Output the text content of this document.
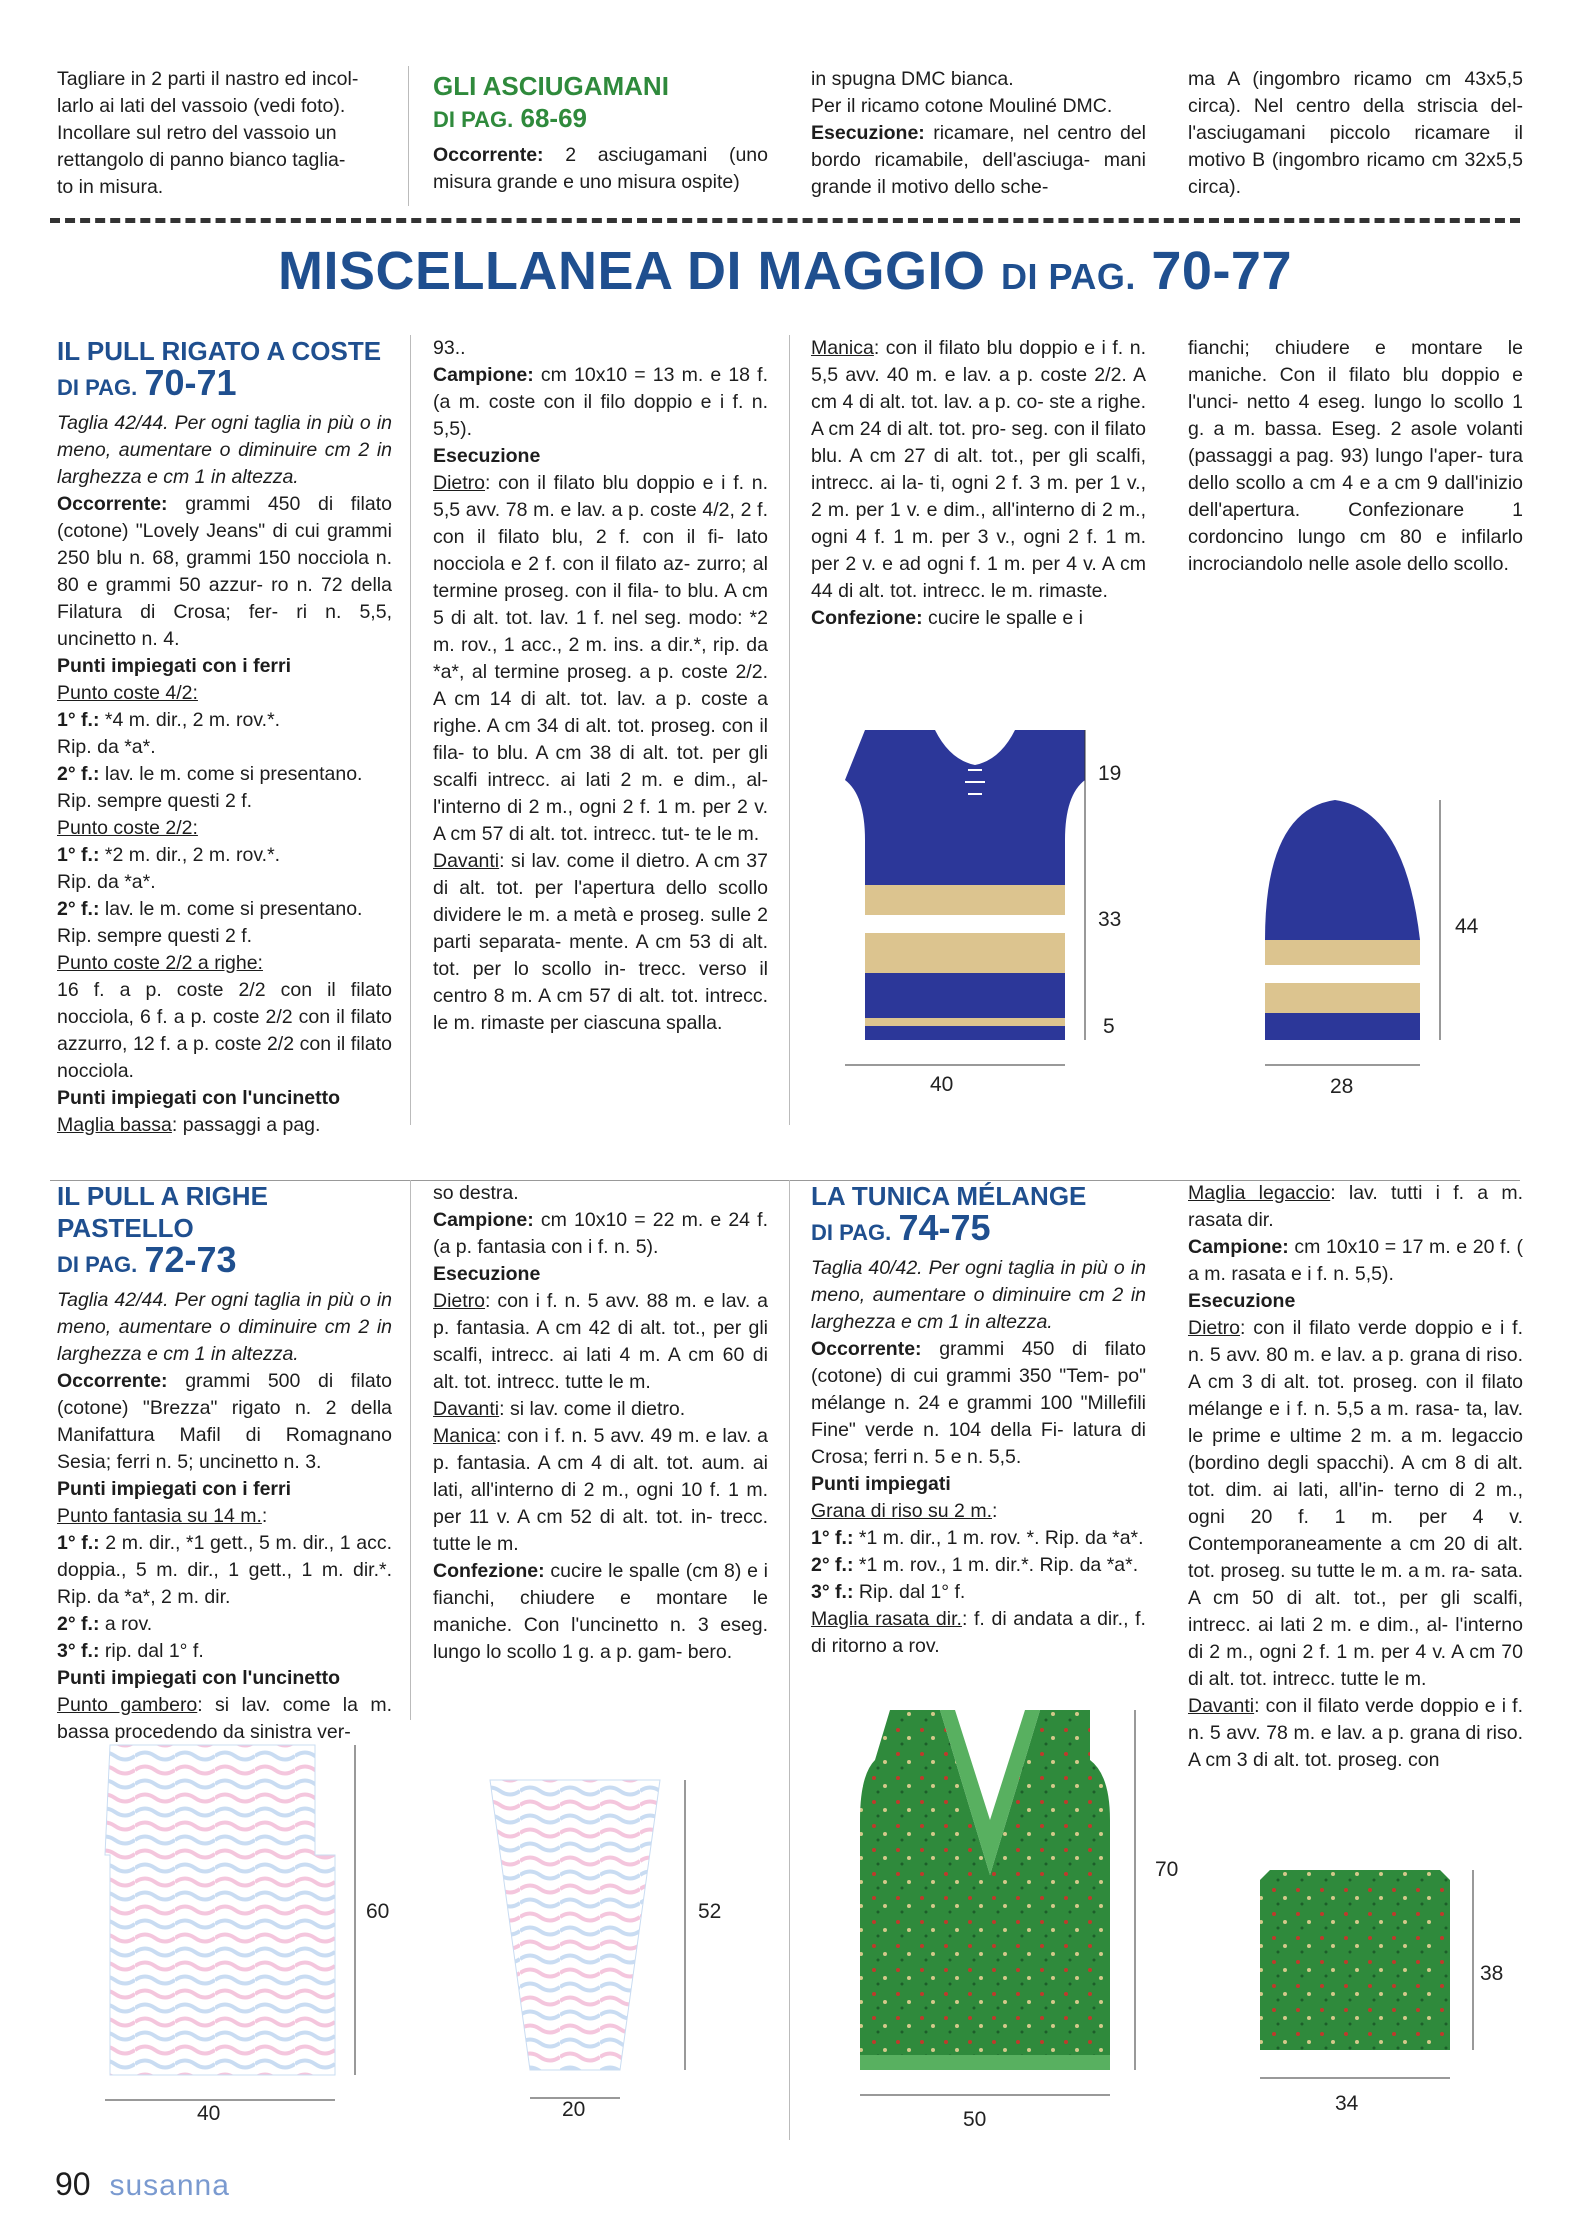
Tagliare in 2 parti il nastro ed incol-

larlo ai lati del vassoio (vedi foto).

Incollare sul retro del vassoio un

rettangolo di panno bianco taglia-

to in misura.

GLI ASCIUGAMANI
DI PAG. 68-69

Occorrente: 2 asciugamani (uno misura grande e uno misura ospite)

in spugna DMC bianca.

Per il ricamo cotone Mouliné DMC.

Esecuzione: ricamare, nel centro del bordo ricamabile, dell'asciuga- mani grande il motivo dello sche-

ma A (ingombro ricamo cm 43x5,5 circa). Nel centro della striscia del- l'asciugamani piccolo ricamare il motivo B (ingombro ricamo cm 32x5,5 circa).

MISCELLANEA DI MAGGIO DI PAG. 70-77
IL PULL RIGATO A COSTE
DI PAG. 70-71

Taglia 42/44. Per ogni taglia in più o in meno, aumentare o diminuire cm 2 in larghezza e cm 1 in altezza.

Occorrente: grammi 450 di filato (cotone) "Lovely Jeans" di cui grammi 250 blu n. 68, grammi 150 nocciola n. 80 e grammi 50 azzur- ro n. 72 della Filatura di Crosa; fer- ri n. 5,5, uncinetto n. 4.

Punti impiegati con i ferri

Punto coste 4/2:

1° f.: *4 m. dir., 2 m. rov.*.

Rip. da *a*.

2° f.: lav. le m. come si presentano.

Rip. sempre questi 2 f.

Punto coste 2/2:

1° f.: *2 m. dir., 2 m. rov.*.

Rip. da *a*.

2° f.: lav. le m. come si presentano.

Rip. sempre questi 2 f.

Punto coste 2/2 a righe:

16 f. a p. coste 2/2 con il filato nocciola, 6 f. a p. coste 2/2 con il filato azzurro, 12 f. a p. coste 2/2 con il filato nocciola.

Punti impiegati con l'uncinetto

Maglia bassa: passaggi a pag.

93..

Campione: cm 10x10 = 13 m. e 18 f. (a m. coste con il filo doppio e i f. n. 5,5).

Esecuzione

Dietro: con il filato blu doppio e i f. n. 5,5 avv. 78 m. e lav. a p. coste 4/2, 2 f. con il filato blu, 2 f. con il fi- lato nocciola e 2 f. con il filato az- zurro; al termine proseg. con il fila- to blu. A cm 5 di alt. tot. lav. 1 f. nel seg. modo: *2 m. rov., 1 acc., 2 m. ins. a dir.*, rip. da *a*, al termine proseg. a p. coste 2/2. A cm 14 di alt. tot. lav. a p. coste a righe. A cm 34 di alt. tot. proseg. con il fila- to blu. A cm 38 di alt. tot. per gli scalfi intrecc. ai lati 2 m. e dim., al- l'interno di 2 m., ogni 2 f. 1 m. per 2 v. A cm 57 di alt. tot. intrecc. tut- te le m.

Davanti: si lav. come il dietro. A cm 37 di alt. tot. per l'apertura dello scollo dividere le m. a metà e proseg. sulle 2 parti separata- mente. A cm 53 di alt. tot. per lo scollo in- trecc. verso il centro 8 m. A cm 57 di alt. tot. intrecc. le m. rimaste per ciascuna spalla.

Manica: con il filato blu doppio e i f. n. 5,5 avv. 40 m. e lav. a p. coste 2/2. A cm 4 di alt. tot. lav. a p. co- ste a righe. A cm 24 di alt. tot. pro- seg. con il filato blu. A cm 27 di alt. tot., per gli scalfi, intrecc. ai la- ti, ogni 2 f. 3 m. per 1 v., 2 m. per 1 v. e dim., all'interno di 2 m., ogni 4 f. 1 m. per 3 v., ogni 2 f. 1 m. per 2 v. e ad ogni f. 1 m. per 4 v. A cm 44 di alt. tot. intrecc. le m. rimaste.

Confezione: cucire le spalle e i

fianchi; chiudere e montare le maniche. Con il filato blu doppio e l'unci- netto 4 eseg. lungo lo scollo 1 g. a m. bassa. Eseg. 2 asole volanti (passaggi a pag. 93) lungo l'aper- tura dello scollo a cm 4 e a cm 9 dall'inizio dell'apertura. Confezionare 1 cordoncino lungo cm 80 e infilarlo incrociandolo nelle asole dello scollo.

19
33
5
40
44
28
IL PULL A RIGHE PASTELLO
DI PAG. 72-73

Taglia 42/44. Per ogni taglia in più o in meno, aumentare o diminuire cm 2 in larghezza e cm 1 in altezza.

Occorrente: grammi 500 di filato (cotone) "Brezza" rigato n. 2 della Manifattura Mafil di Romagnano Sesia; ferri n. 5; uncinetto n. 3.

Punti impiegati con i ferri

Punto fantasia su 14 m.:

1° f.: 2 m. dir., *1 gett., 5 m. dir., 1 acc. doppia., 5 m. dir., 1 gett., 1 m. dir.*. Rip. da *a*, 2 m. dir.

2° f.: a rov.

3° f.: rip. dal 1° f.

Punti impiegati con l'uncinetto

Punto gambero: si lav. come la m. bassa procedendo da sinistra ver-

so destra.

Campione: cm 10x10 = 22 m. e 24 f. (a p. fantasia con i f. n. 5).

Esecuzione

Dietro: con i f. n. 5 avv. 88 m. e lav. a p. fantasia. A cm 42 di alt. tot., per gli scalfi, intrecc. ai lati 4 m. A cm 60 di alt. tot. intrecc. tutte le m.

Davanti: si lav. come il dietro.

Manica: con i f. n. 5 avv. 49 m. e lav. a p. fantasia. A cm 4 di alt. tot. aum. ai lati, all'interno di 2 m., ogni 10 f. 1 m. per 11 v. A cm 52 di alt. tot. in- trecc. tutte le m.

Confezione: cucire le spalle (cm 8) e i fianchi, chiudere e montare le maniche. Con l'uncinetto n. 3 eseg. lungo lo scollo 1 g. a p. gam- bero.

60
40
52
20
LA TUNICA MÉLANGE
DI PAG. 74-75

Taglia 40/42. Per ogni taglia in più o in meno, aumentare o diminuire cm 2 in larghezza e cm 1 in altezza.

Occorrente: grammi 450 di filato (cotone) di cui grammi 350 "Tem- po" mélange n. 24 e grammi 100 "Millefili Fine" verde n. 104 della Fi- latura di Crosa; ferri n. 5 e n. 5,5.

Punti impiegati

Grana di riso su 2 m.:

1° f.: *1 m. dir., 1 m. rov. *. Rip. da *a*.

2° f.: *1 m. rov., 1 m. dir.*. Rip. da *a*.

3° f.: Rip. dal 1° f.

Maglia rasata dir.: f. di andata a dir., f. di ritorno a rov.

Maglia legaccio: lav. tutti i f. a m. rasata dir.

Campione: cm 10x10 = 17 m. e 20 f. ( a m. rasata e i f. n. 5,5).

Esecuzione

Dietro: con il filato verde doppio e i f. n. 5 avv. 80 m. e lav. a p. grana di riso. A cm 3 di alt. tot. proseg. con il filato mélange e i f. n. 5,5 a m. rasa- ta, lav. le prime e ultime 2 m. a m. legaccio (bordino degli spacchi). A cm 8 di alt. tot. dim. ai lati, all'in- terno di 2 m., ogni 20 f. 1 m. per 4 v. Contemporaneamente a cm 20 di alt. tot. proseg. su tutte le m. a m. ra- sata. A cm 50 di alt. tot., per gli scalfi, intrecc. ai lati 2 m. e dim., al- l'interno di 2 m., ogni 2 f. 1 m. per 4 v. A cm 70 di alt. tot. intrecc. tutte le m.

Davanti: con il filato verde doppio e i f. n. 5 avv. 78 m. e lav. a p. grana di riso. A cm 3 di alt. tot. proseg. con

70
50
38
34
90 susanna
